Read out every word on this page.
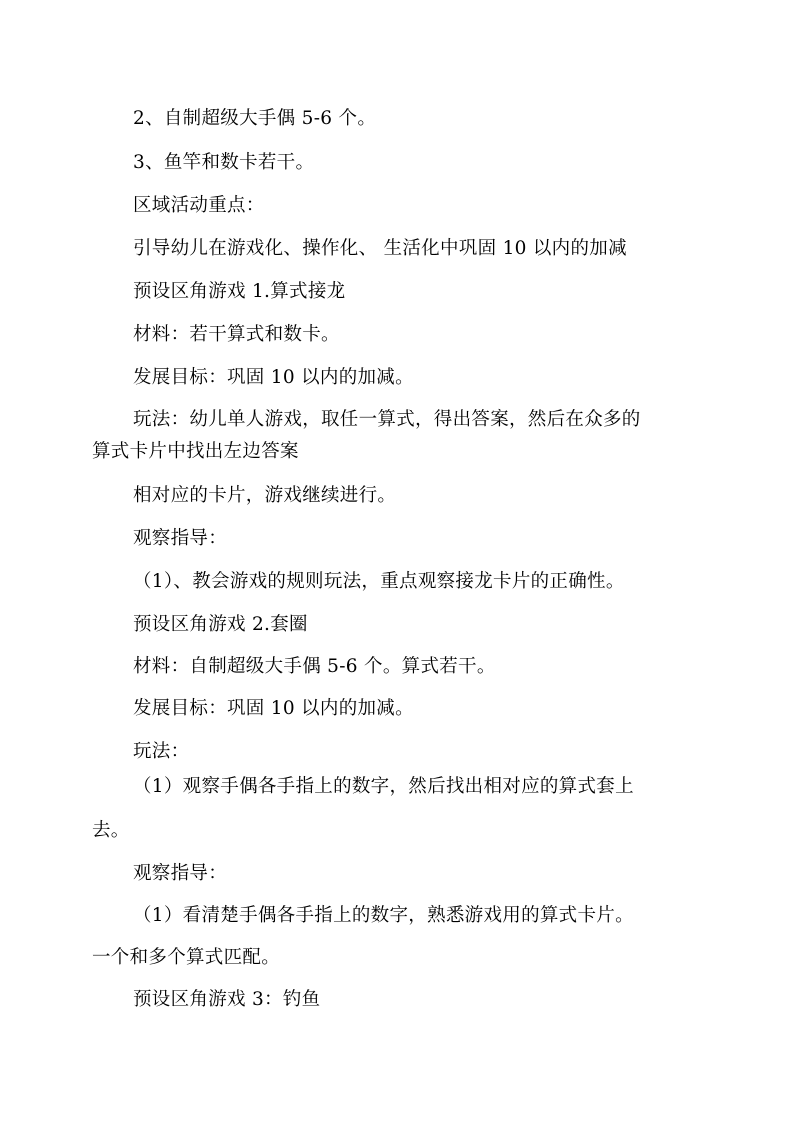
2、自制超级大手偶 5-6 个。
3、鱼竿和数卡若干。
区域活动重点：
引导幼儿在游戏化、操作化、 生活化中巩固 10 以内的加减
预设区角游戏 1.算式接龙
材料：若干算式和数卡。
发展目标：巩固 10 以内的加减。
玩法：幼儿单人游戏，取任一算式，得出答案，然后在众多的
算式卡片中找出左边答案
相对应的卡片，游戏继续进行。
观察指导：
（1）、教会游戏的规则玩法，重点观察接龙卡片的正确性。
预设区角游戏 2.套圈
材料：自制超级大手偶 5-6 个。算式若干。
发展目标：巩固 10 以内的加减。
玩法：
（1）观察手偶各手指上的数字，然后找出相对应的算式套上
去。
观察指导：
（1）看清楚手偶各手指上的数字，熟悉游戏用的算式卡片。
一个和多个算式匹配。
预设区角游戏 3：钓鱼
